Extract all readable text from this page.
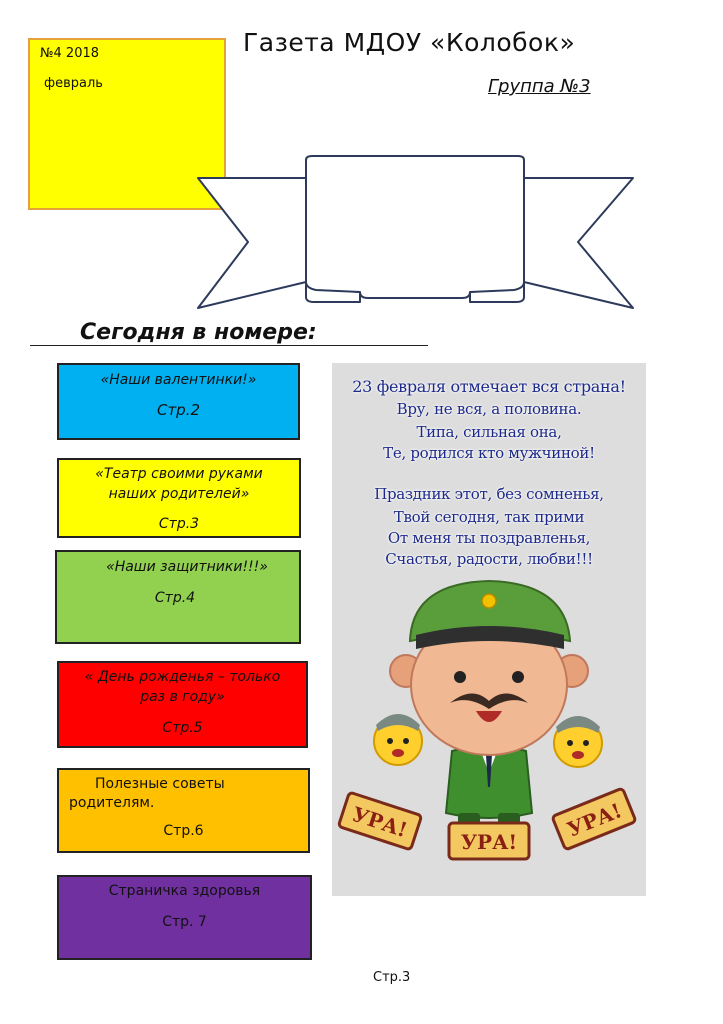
№4 2018
февраль
Газета МДОУ «Колобок»
Группа №3
Сегодня в номере:
«Наши валентинки!»
Стр.2
«Театр своими руками
наших родителей»
Стр.3
«Наши защитники!!!»
Стр.4
« День рожденья – только
раз в году»
Стр.5
Полезные советы
родителям.
Стр.6
Страничка здоровья
Стр. 7
23 февраля отмечает вся страна!
Вру, не вся, а половина.
Типа, сильная она,
Те, родился кто мужчиной!
Праздник этот, без сомненья,
Твой сегодня, так прими
От меня ты поздравленья,
Счастья, радости, любви!!!
УРА!	УРА!
УРА!
Стр.3
